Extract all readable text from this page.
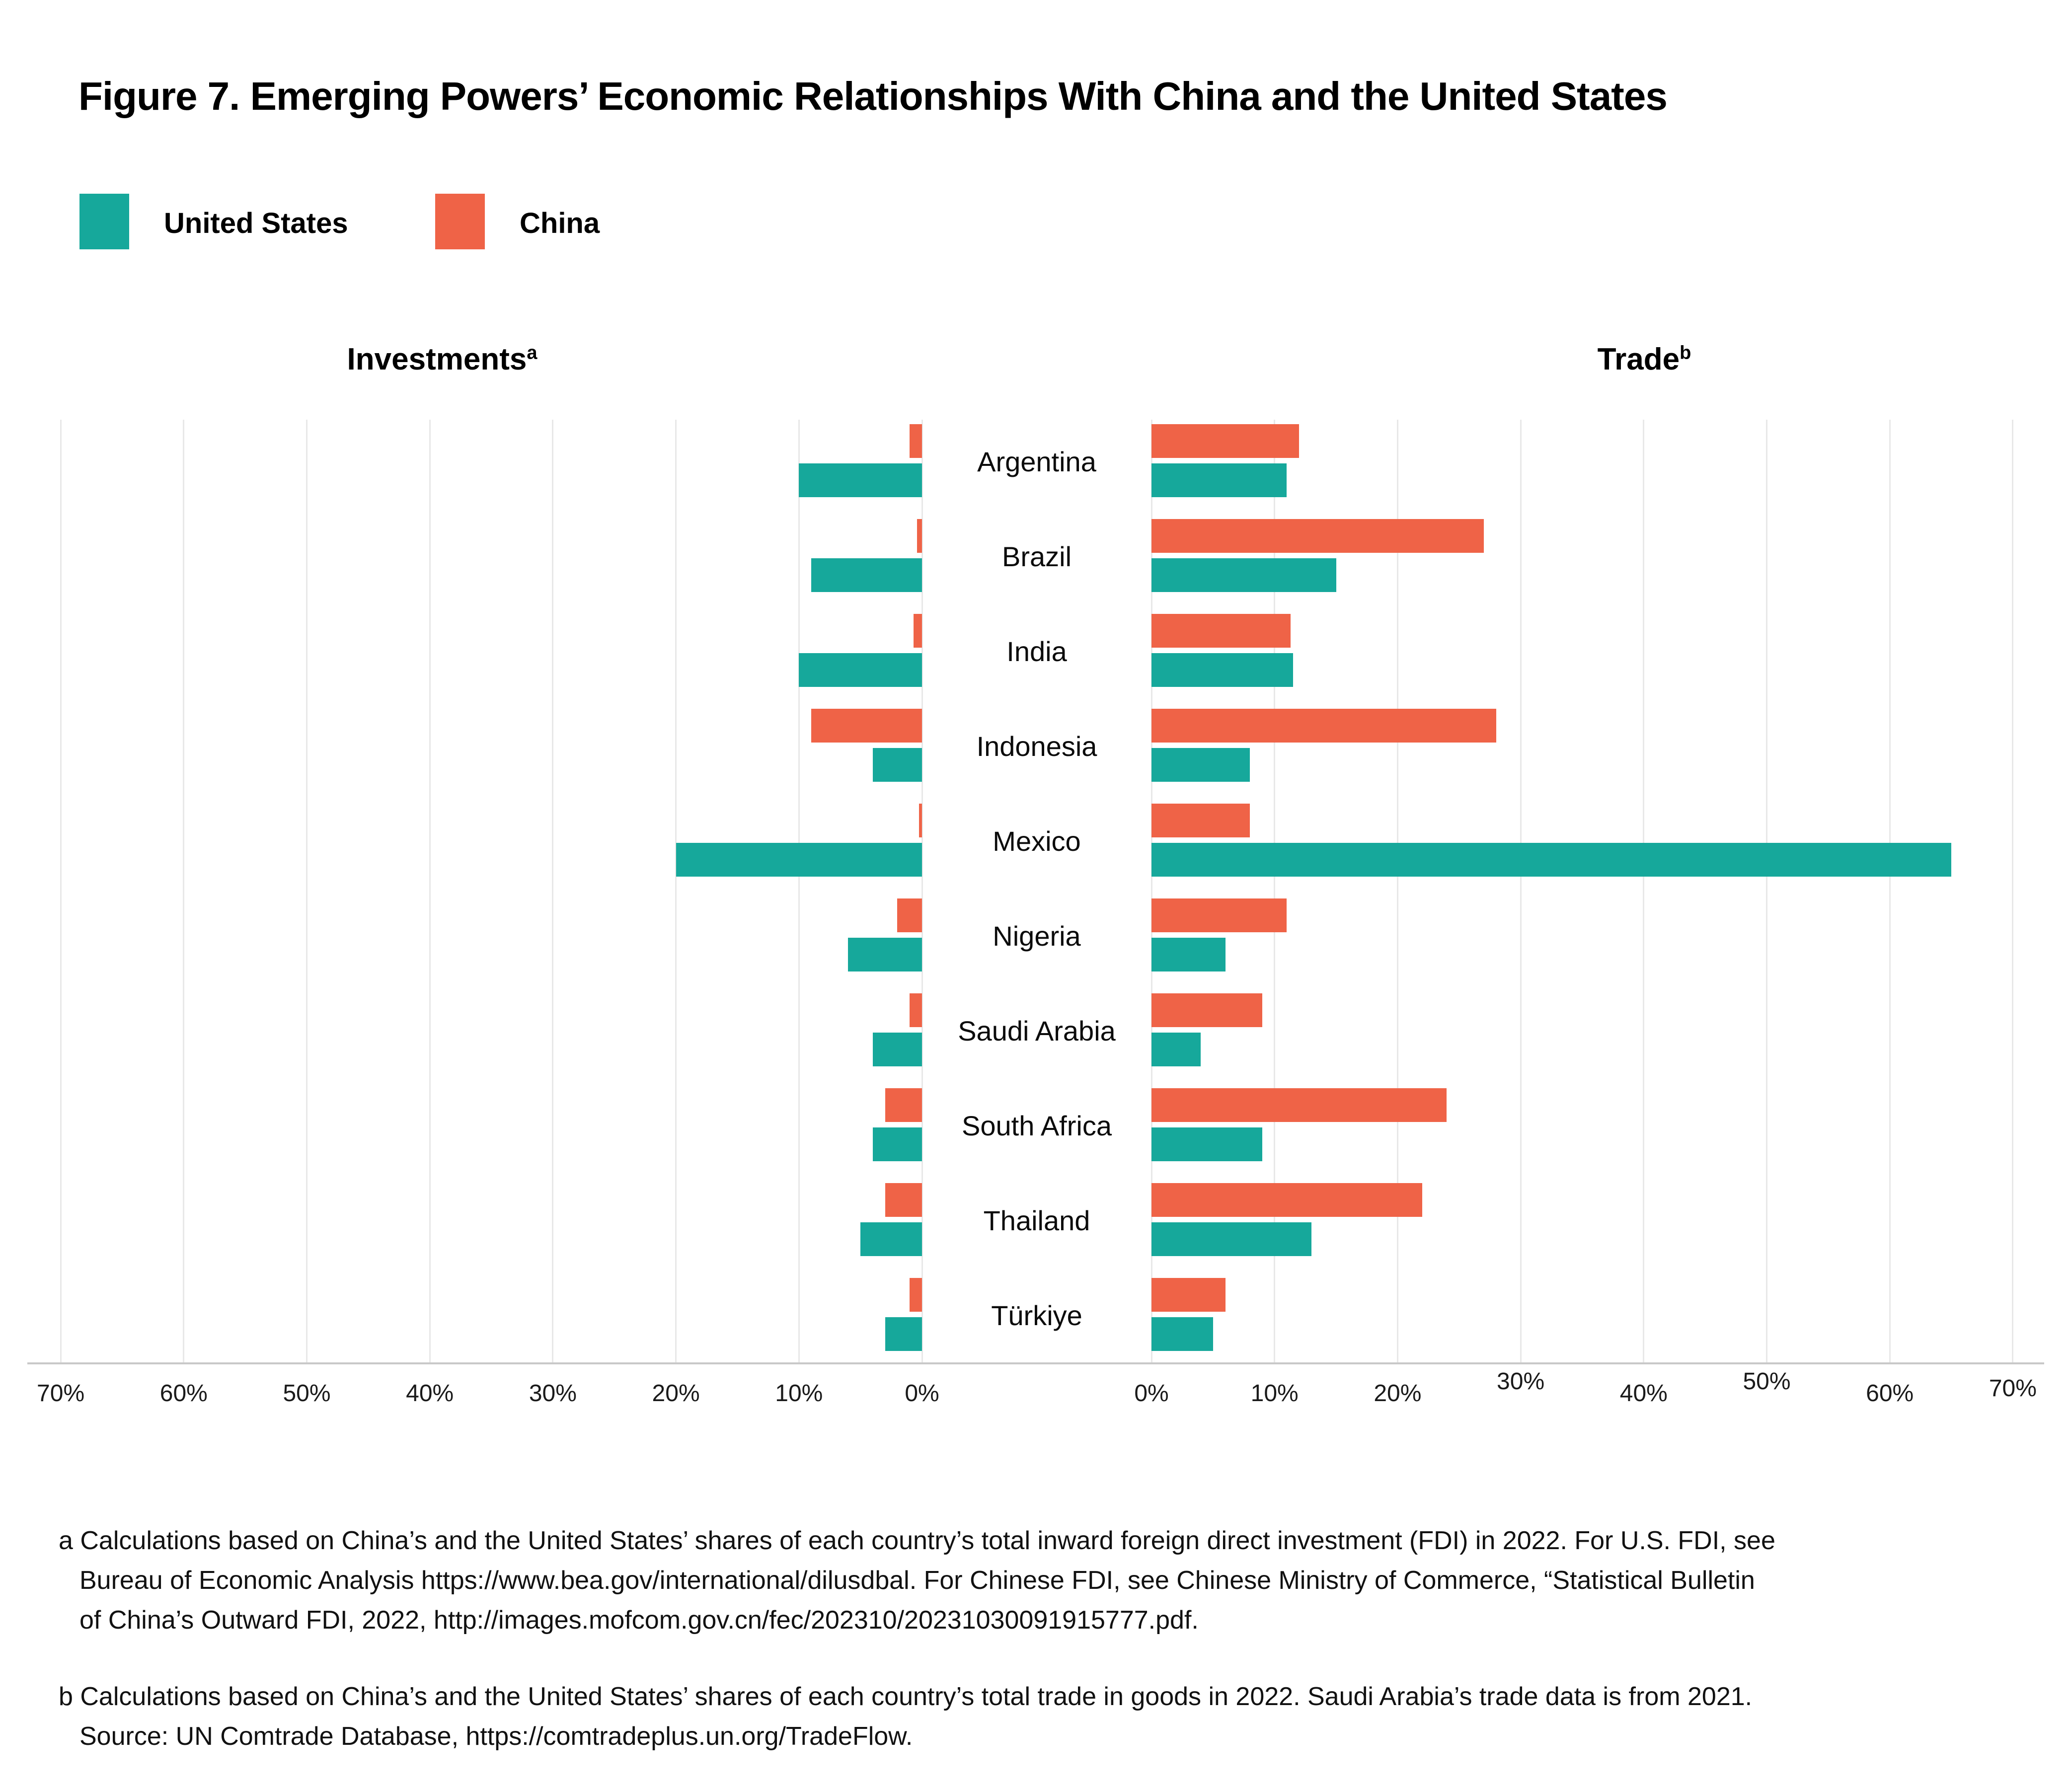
Figure 7. Emerging Powers’ Economic Relationships With China and the United States
United States	China
Investments$^a$	Trade$^b$
70%	60%	50%	40%	30%	20%	10%	0%	0%	10%	20%	30%	40%	50%	60%	70%
Argentina
Brazil
India
Indonesia
Mexico
Nigeria
Saudi Arabia
South Africa
Thailand
Türkiye
a Calculations based on China’s and the United States’ shares of each country’s total inward foreign direct investment (FDI) in 2022. For U.S. FDI, see
Bureau of Economic Analysis https://www.bea.gov/international/dilusdbal. For Chinese FDI, see Chinese Ministry of Commerce, “Statistical Bulletin
of China’s Outward FDI, 2022, http://images.mofcom.gov.cn/fec/202310/20231030091915777.pdf.
b Calculations based on China’s and the United States’ shares of each country’s total trade in goods in 2022. Saudi Arabia’s trade data is from 2021.
Source: UN Comtrade Database, https://comtradeplus.un.org/TradeFlow.
